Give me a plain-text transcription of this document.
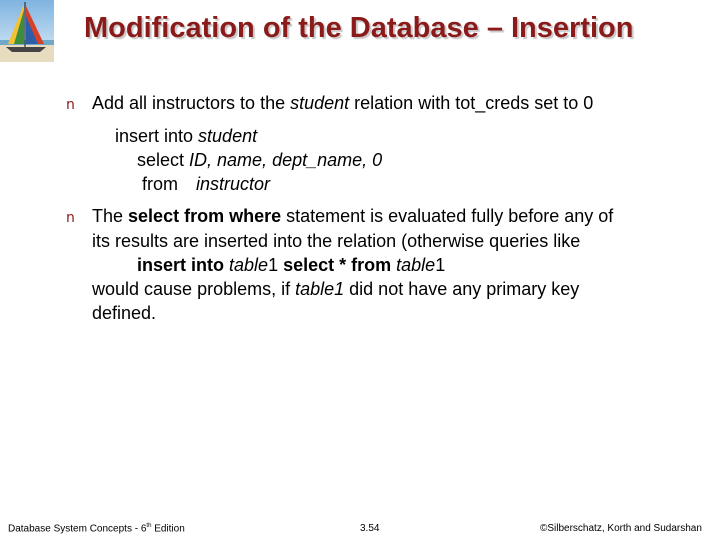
Modification of the Database – Insertion
n Add all instructors to the student relation with tot_creds set to 0
insert into student
select ID, name, dept_name, 0
from instructor
n The select from where statement is evaluated fully before any of
its results are inserted into the relation (otherwise queries like
insert into table1 select * from table1
would cause problems, if table1 did not have any primary key
defined.
Database System Concepts - 6th Edition	3.54	©Silberschatz, Korth and Sudarshan
